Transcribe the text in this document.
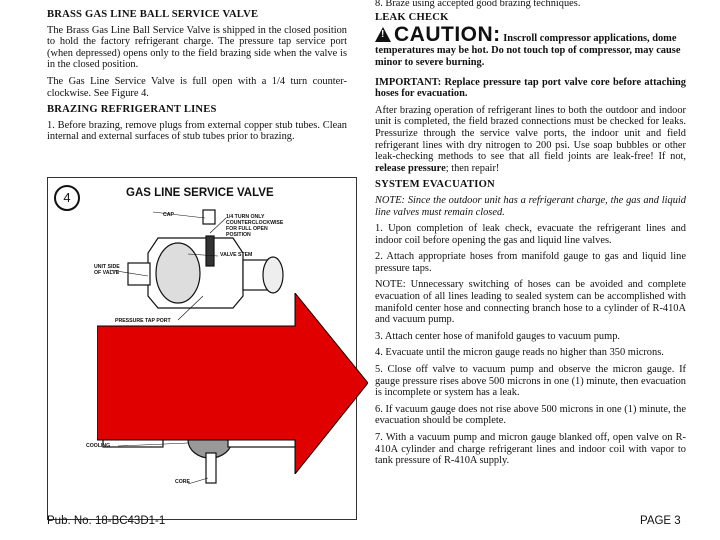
BRASS GAS LINE BALL SERVICE VALVE

The Brass Gas Line Ball Service Valve is shipped in the closed position to hold the factory refrigerant charge. The pressure tap service port (when depressed) opens only to the field brazing side when the valve is in the closed position.

The Gas Line Service Valve is full open with a 1/4 turn counter-clockwise. See Figure 4.

BRAZING REFRIGERANT LINES

1. Before brazing, remove plugs from external copper stub tubes. Clean internal and external surfaces of stub tubes prior to brazing.

4	GAS LINE SERVICE VALVE
CAP	1/4 TURN ONLY COUNTERCLOCKWISE FOR FULL OPEN POSITION
VALVE STEM
UNIT SIDE OF VALVE
PRESSURE TAP PORT
COOLING
CORE

8. Braze using accepted good brazing techniques.

LEAK CHECK
!CAUTION: Inscroll compressor applications, dome temperatures may be hot. Do not touch top of compressor, may cause minor to severe burning.

IMPORTANT: Replace pressure tap port valve core before attaching hoses for evacuation.

After brazing operation of refrigerant lines to both the outdoor and indoor unit is completed, the field brazed connections must be checked for leaks. Pressurize through the service valve ports, the indoor unit and field refrigerant lines with dry nitrogen to 200 psi. Use soap bubbles or other leak-checking methods to see that all field joints are leak-free! If not, release pressure; then repair!

SYSTEM EVACUATION

NOTE: Since the outdoor unit has a refrigerant charge, the gas and liquid line valves must remain closed.

1. Upon completion of leak check, evacuate the refrigerant lines and indoor coil before opening the gas and liquid line valves.

2. Attach appropriate hoses from manifold gauge to gas and liquid line pressure taps.

NOTE: Unnecessary switching of hoses can be avoided and complete evacuation of all lines leading to sealed system can be accomplished with manifold center hose and connecting branch hose to a cylinder of R-410A and vacuum pump.

3. Attach center hose of manifold gauges to vacuum pump.

4. Evacuate until the micron gauge reads no higher than 350 microns.

5. Close off valve to vacuum pump and observe the micron gauge. If gauge pressure rises above 500 microns in one (1) minute, then evacuation is incomplete or system has a leak.

6. If vacuum gauge does not rise above 500 microns in one (1) minute, the evacuation should be complete.

7. With a vacuum pump and micron gauge blanked off, open valve on R-410A cylinder and charge refrigerant lines and indoor coil with vapor to tank pressure of R-410A supply.

Pub. No. 18-BC43D1-1	PAGE 3
